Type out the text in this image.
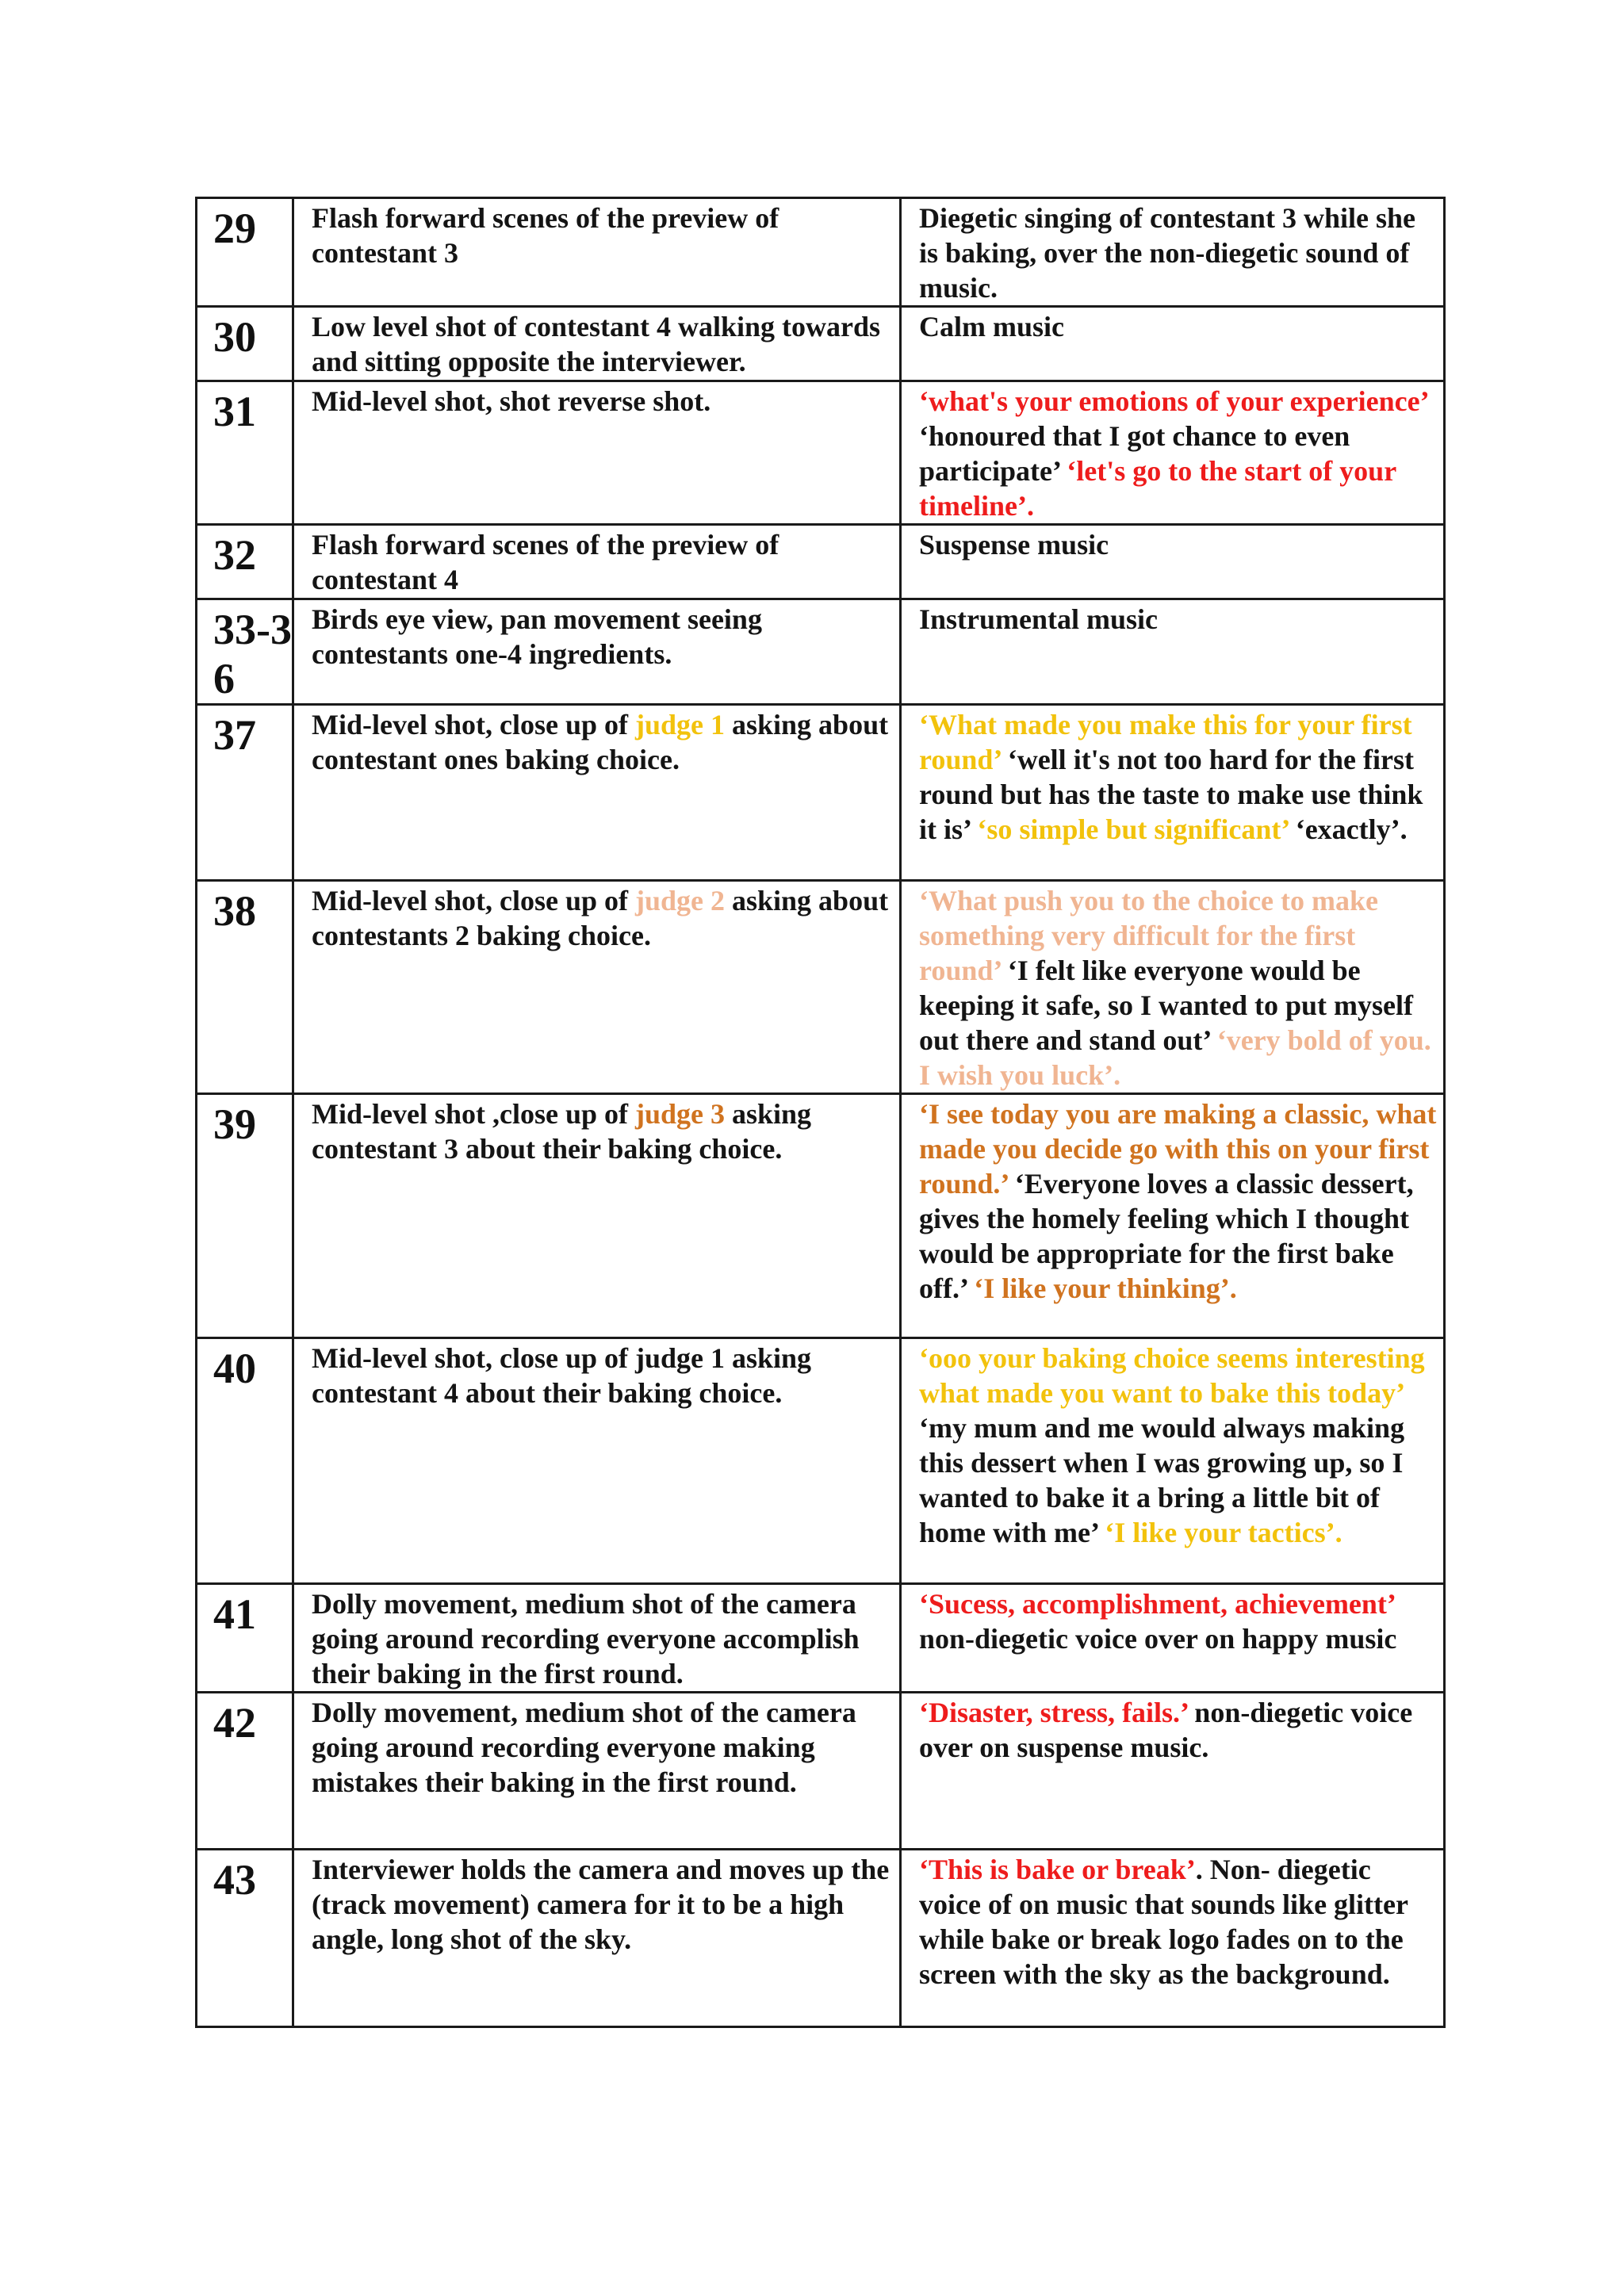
29	Flash forward scenes of the preview of contestant 3	Diegetic singing of contestant 3 while she is baking, over the non-diegetic sound of music.
30	Low level shot of contestant 4 walking towards and sitting opposite the interviewer.	Calm music
31	Mid-level shot, shot reverse shot.	‘what's your emotions of your experience’ ‘honoured that I got chance to even participate’ ‘let's go to the start of your timeline’.
32	Flash forward scenes of the preview of contestant 4	Suspense music
33-36	Birds eye view, pan movement seeing contestants one-4 ingredients.	Instrumental music
37	Mid-level shot, close up of judge 1 asking about contestant ones baking choice.	‘What made you make this for your first round’ ‘well it's not too hard for the first round but has the taste to make use think it is’ ‘so simple but significant’ ‘exactly’.
38	Mid-level shot, close up of judge 2 asking about contestants 2 baking choice.	‘What push you to the choice to make something very difficult for the first round’ ‘I felt like everyone would be keeping it safe, so I wanted to put myself out there and stand out’ ‘very bold of you. I wish you luck’.
39	Mid-level shot ,close up of judge 3 asking contestant 3 about their baking choice.	‘I see today you are making a classic, what made you decide go with this on your first round.’ ‘Everyone loves a classic dessert, gives the homely feeling which I thought would be appropriate for the first bake off.’ ‘I like your thinking’.
40	Mid-level shot, close up of judge 1 asking contestant 4 about their baking choice.	‘ooo your baking choice seems interesting what made you want to bake this today’ ‘my mum and me would always making this dessert when I was growing up, so I wanted to bake it a bring a little bit of home with me’ ‘I like your tactics’.
41	Dolly movement, medium shot of the camera going around recording everyone accomplish their baking in the first round.	‘Sucess, accomplishment, achievement’ non-diegetic voice over on happy music
42	Dolly movement, medium shot of the camera going around recording everyone making mistakes their baking in the first round.	‘Disaster, stress, fails.’ non-diegetic voice over on suspense music.
43	Interviewer holds the camera and moves up the (track movement) camera for it to be a high angle, long shot of the sky.	‘This is bake or break’. Non- diegetic voice of on music that sounds like glitter while bake or break logo fades on to the screen with the sky as the background.
